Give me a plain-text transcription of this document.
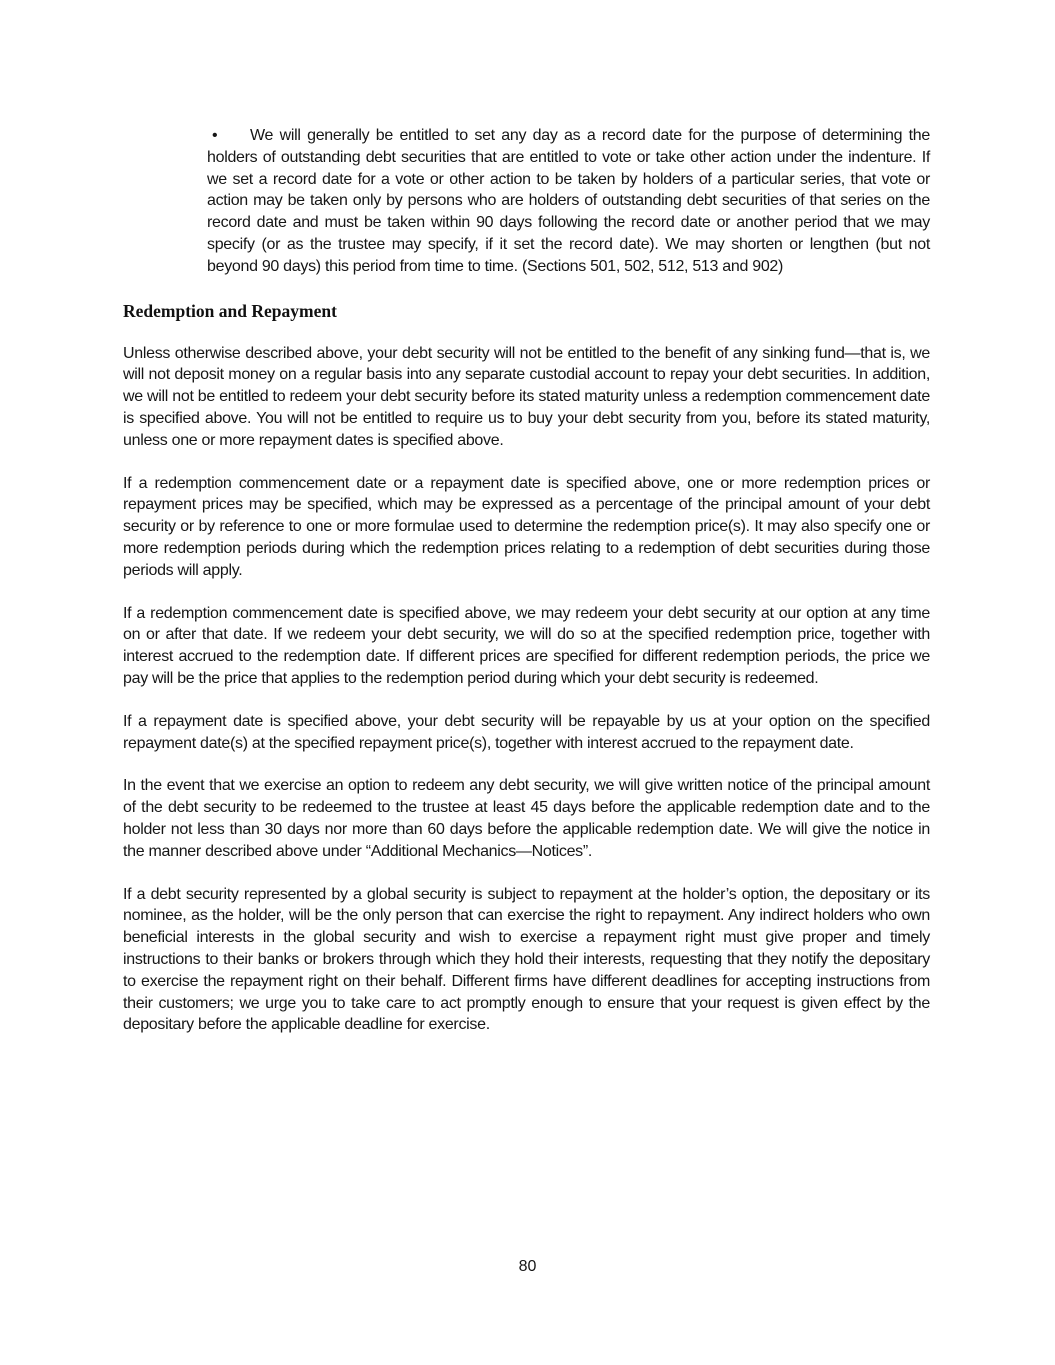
• We will generally be entitled to set any day as a record date for the purpose of determining the holders of outstanding debt securities that are entitled to vote or take other action under the indenture. If we set a record date for a vote or other action to be taken by holders of a particular series, that vote or action may be taken only by persons who are holders of outstanding debt securities of that series on the record date and must be taken within 90 days following the record date or another period that we may specify (or as the trustee may specify, if it set the record date). We may shorten or lengthen (but not beyond 90 days) this period from time to time. (Sections 501, 502, 512, 513 and 902)
Redemption and Repayment

Unless otherwise described above, your debt security will not be entitled to the benefit of any sinking fund—that is, we will not deposit money on a regular basis into any separate custodial account to repay your debt securities. In addition, we will not be entitled to redeem your debt security before its stated maturity unless a redemption commencement date is specified above. You will not be entitled to require us to buy your debt security from you, before its stated maturity, unless one or more repayment dates is specified above.

If a redemption commencement date or a repayment date is specified above, one or more redemption prices or repayment prices may be specified, which may be expressed as a percentage of the principal amount of your debt security or by reference to one or more formulae used to determine the redemption price(s). It may also specify one or more redemption periods during which the redemption prices relating to a redemption of debt securities during those periods will apply.

If a redemption commencement date is specified above, we may redeem your debt security at our option at any time on or after that date. If we redeem your debt security, we will do so at the specified redemption price, together with interest accrued to the redemption date. If different prices are specified for different redemption periods, the price we pay will be the price that applies to the redemption period during which your debt security is redeemed.

If a repayment date is specified above, your debt security will be repayable by us at your option on the specified repayment date(s) at the specified repayment price(s), together with interest accrued to the repayment date.

In the event that we exercise an option to redeem any debt security, we will give written notice of the principal amount of the debt security to be redeemed to the trustee at least 45 days before the applicable redemption date and to the holder not less than 30 days nor more than 60 days before the applicable redemption date. We will give the notice in the manner described above under “Additional Mechanics—Notices”.

If a debt security represented by a global security is subject to repayment at the holder’s option, the depositary or its nominee, as the holder, will be the only person that can exercise the right to repayment. Any indirect holders who own beneficial interests in the global security and wish to exercise a repayment right must give proper and timely instructions to their banks or brokers through which they hold their interests, requesting that they notify the depositary to exercise the repayment right on their behalf. Different firms have different deadlines for accepting instructions from their customers; we urge you to take care to act promptly enough to ensure that your request is given effect by the depositary before the applicable deadline for exercise.

80
